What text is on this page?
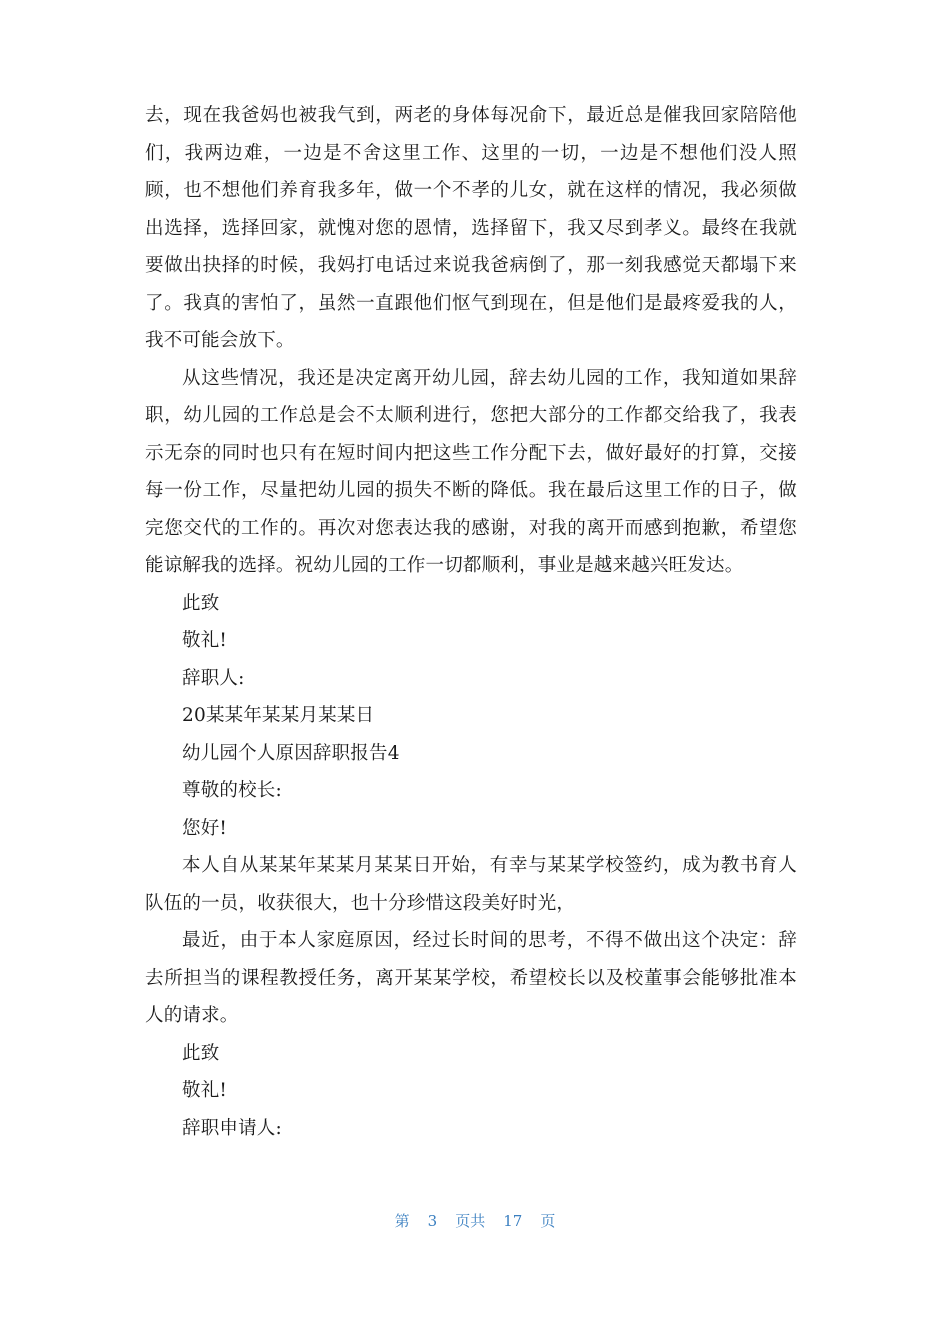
去，现在我爸妈也被我气到，两老的身体每况俞下，最近总是催我回家陪陪他们，我两边难，一边是不舍这里工作、这里的一切，一边是不想他们没人照顾，也不想他们养育我多年，做一个不孝的儿女，就在这样的情况，我必须做出选择，选择回家，就愧对您的恩情，选择留下，我又尽到孝义。最终在我就要做出抉择的时候，我妈打电话过来说我爸病倒了，那一刻我感觉天都塌下来了。我真的害怕了，虽然一直跟他们怄气到现在，但是他们是最疼爱我的人，我不可能会放下。

从这些情况，我还是决定离开幼儿园，辞去幼儿园的工作，我知道如果辞职，幼儿园的工作总是会不太顺利进行，您把大部分的工作都交给我了，我表示无奈的同时也只有在短时间内把这些工作分配下去，做好最好的打算，交接每一份工作，尽量把幼儿园的损失不断的降低。我在最后这里工作的日子，做完您交代的工作的。再次对您表达我的感谢，对我的离开而感到抱歉，希望您能谅解我的选择。祝幼儿园的工作一切都顺利，事业是越来越兴旺发达。

此致

敬礼!

辞职人:

20某某年某某月某某日

幼儿园个人原因辞职报告4

尊敬的校长:

您好!

本人自从某某年某某月某某日开始，有幸与某某学校签约，成为教书育人队伍的一员，收获很大，也十分珍惜这段美好时光，

最近，由于本人家庭原因，经过长时间的思考，不得不做出这个决定：辞去所担当的课程教授任务，离开某某学校，希望校长以及校董事会能够批准本人的请求。

此致

敬礼!

辞职申请人:

第 3 页共 17 页
